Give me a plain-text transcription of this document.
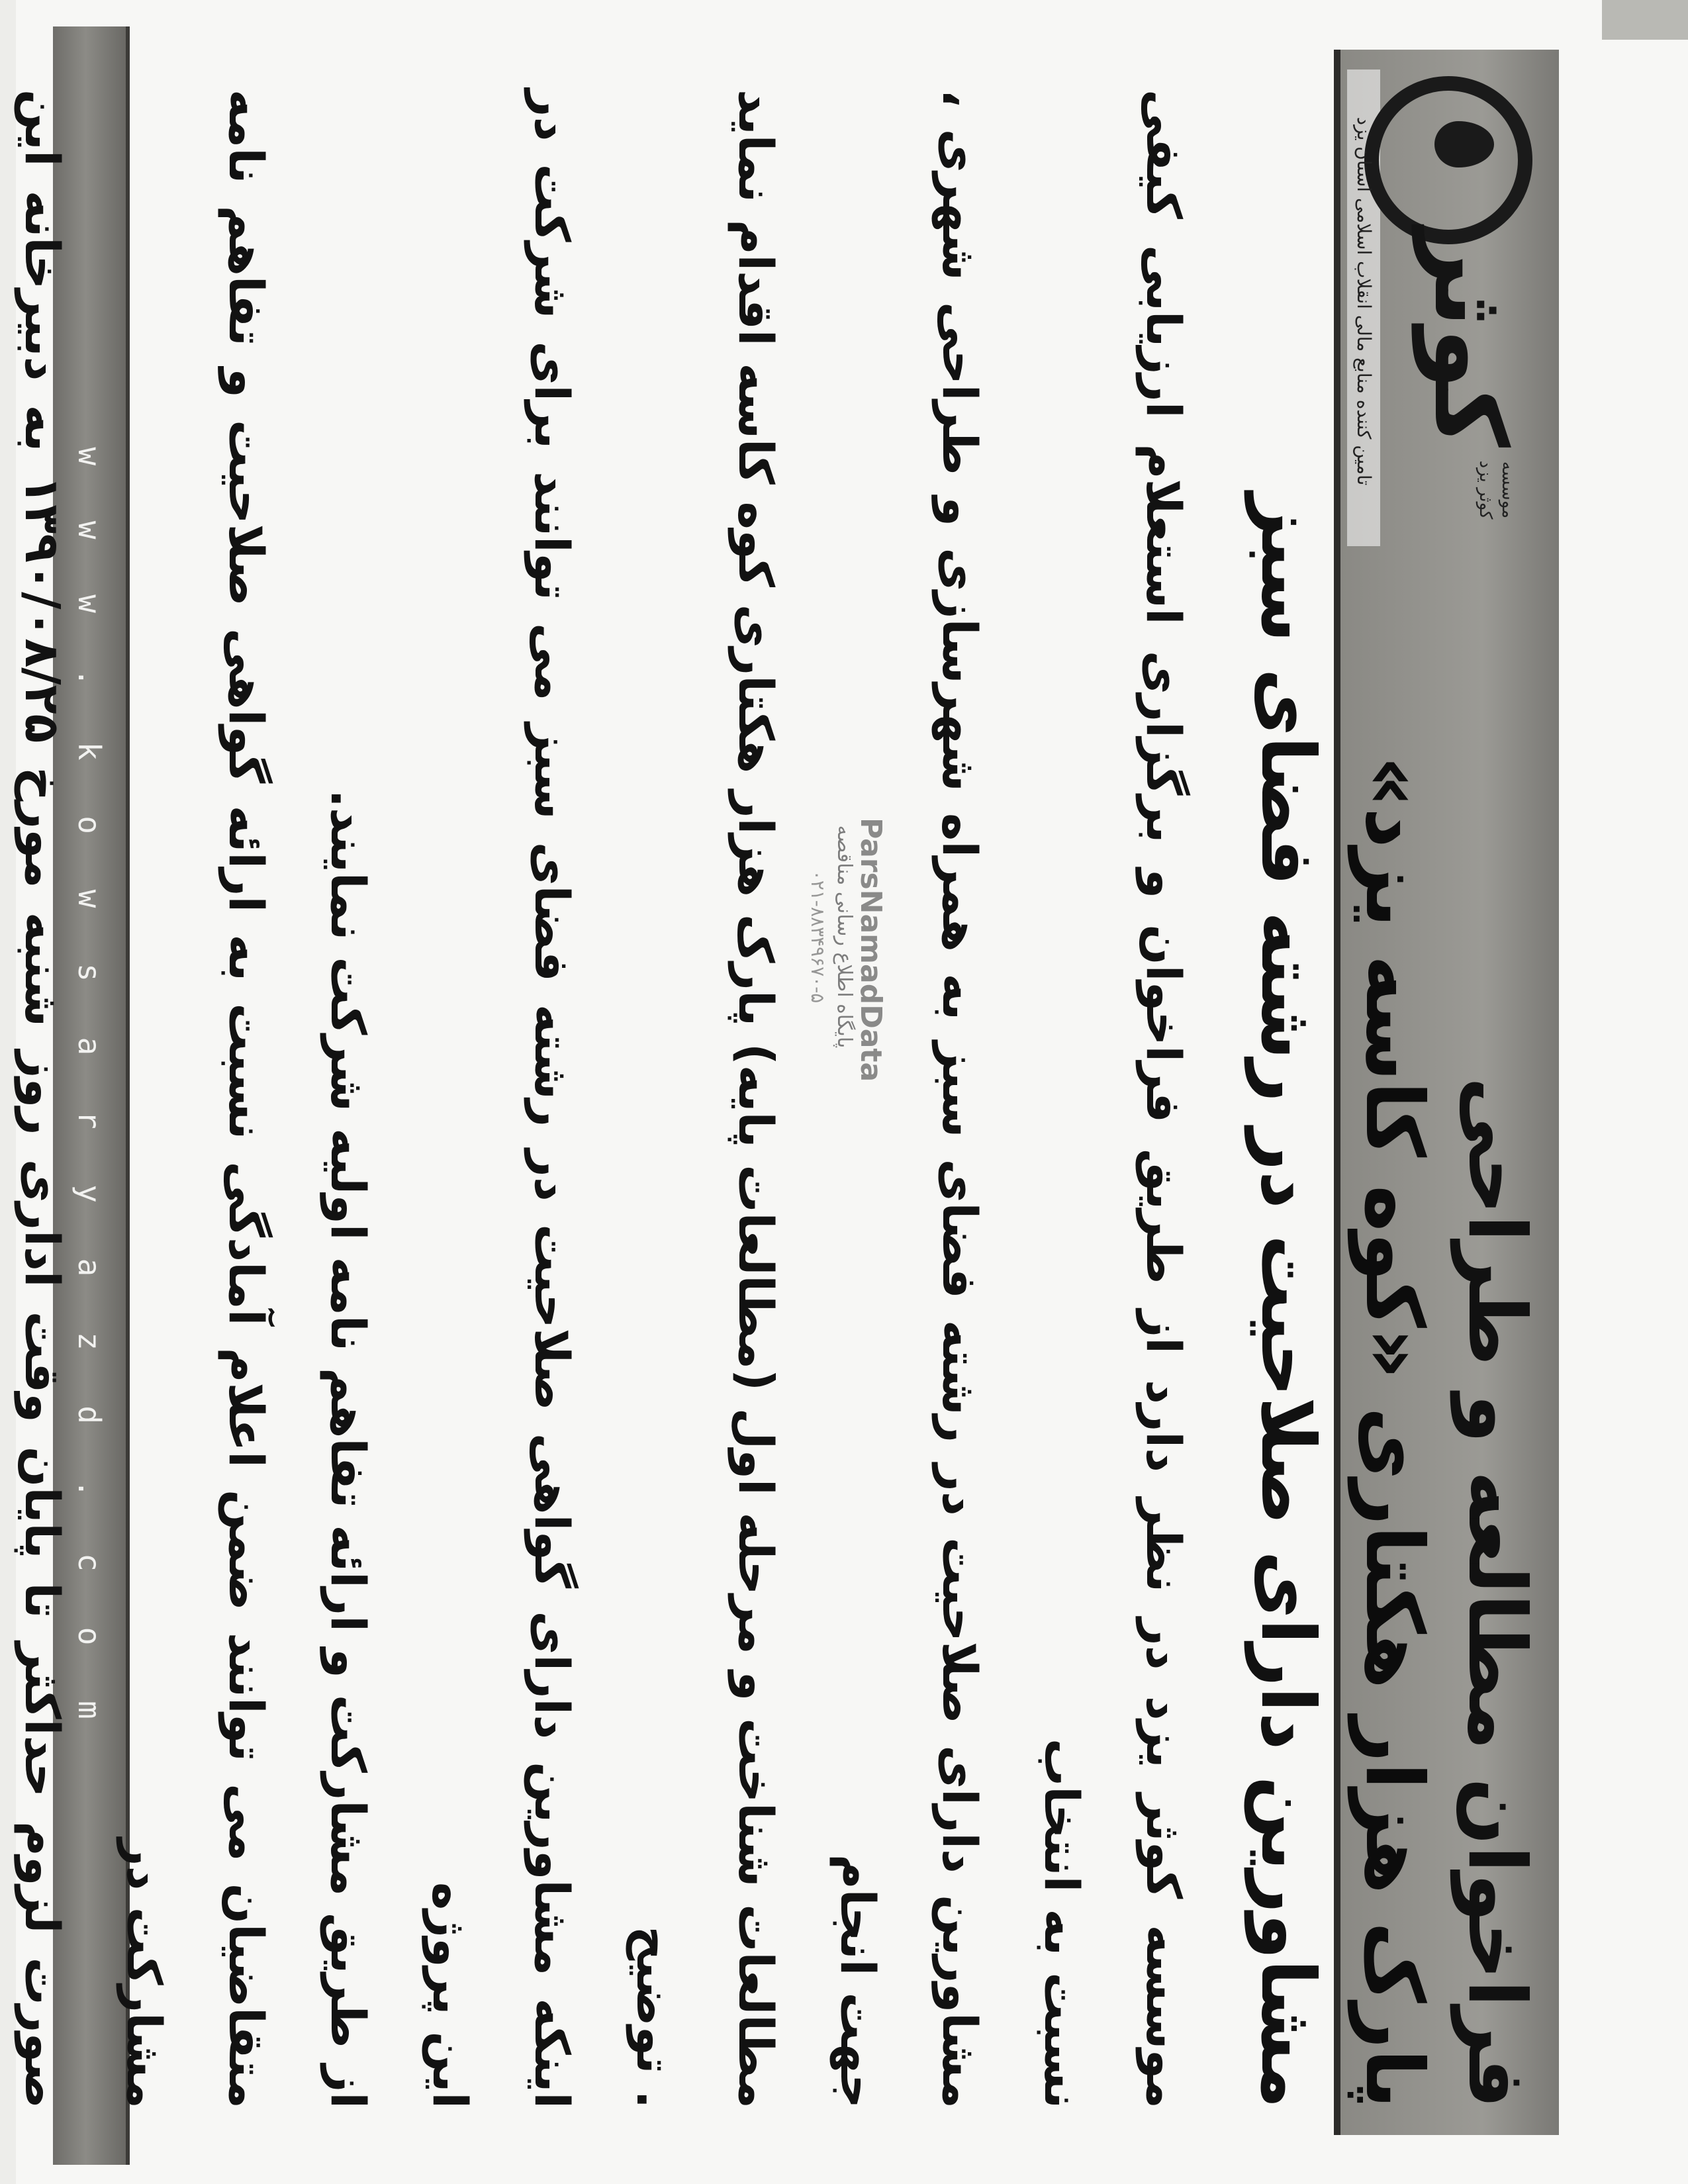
w w w . k o w s a r y a z d . c o m	فراخوان مطالعه و طراحی
پارک هزار هکتاری «کوه کاسه یزد»
کوثر
موسسه کوثر یزد
تامین کننده منابع مالی انقلاب اسلامی استان یزد
مشاورین دارای صلاحیت در رشته فضای سبز

موسسه کوثر یزد در نظر دارد از طریق فراخوان و برگزاری استعلام ارزیابی کیفی نسبت به انتخاب

مشاورین دارای صلاحیت در رشته فضای سبز به همراه شهرسازی و طراحی شهری ، جهت انجام

مطالعات شناخت و مرحله اول (مطالعات پایه) پارک هزار هکتاری کوه کاسه اقدام نماید . توضیح

اینکه مشاورین دارای گواهی صلاحیت در رشته فضای سبز می توانند برای شرکت در این پروژه

از طریق مشارکت و ارائه تفاهم نامه اولیه شرکت نمایند.

متقاضیان می توانند ضمن اعلام آمادگی نسبت به ارائه گواهی صلاحیت و تفاهم نامه مشارکت در

صورت لزوم حداکثر تا پایان وقت اداری روز شنبه مورخ ۱۳۹۰/۰۸/۲۵ به دبیرخانه این

ParsNamadData
پایگاه اطلاع رسانی مناقصه
۰۲۱-۸۸۳۴۹۶۷۰-۵
